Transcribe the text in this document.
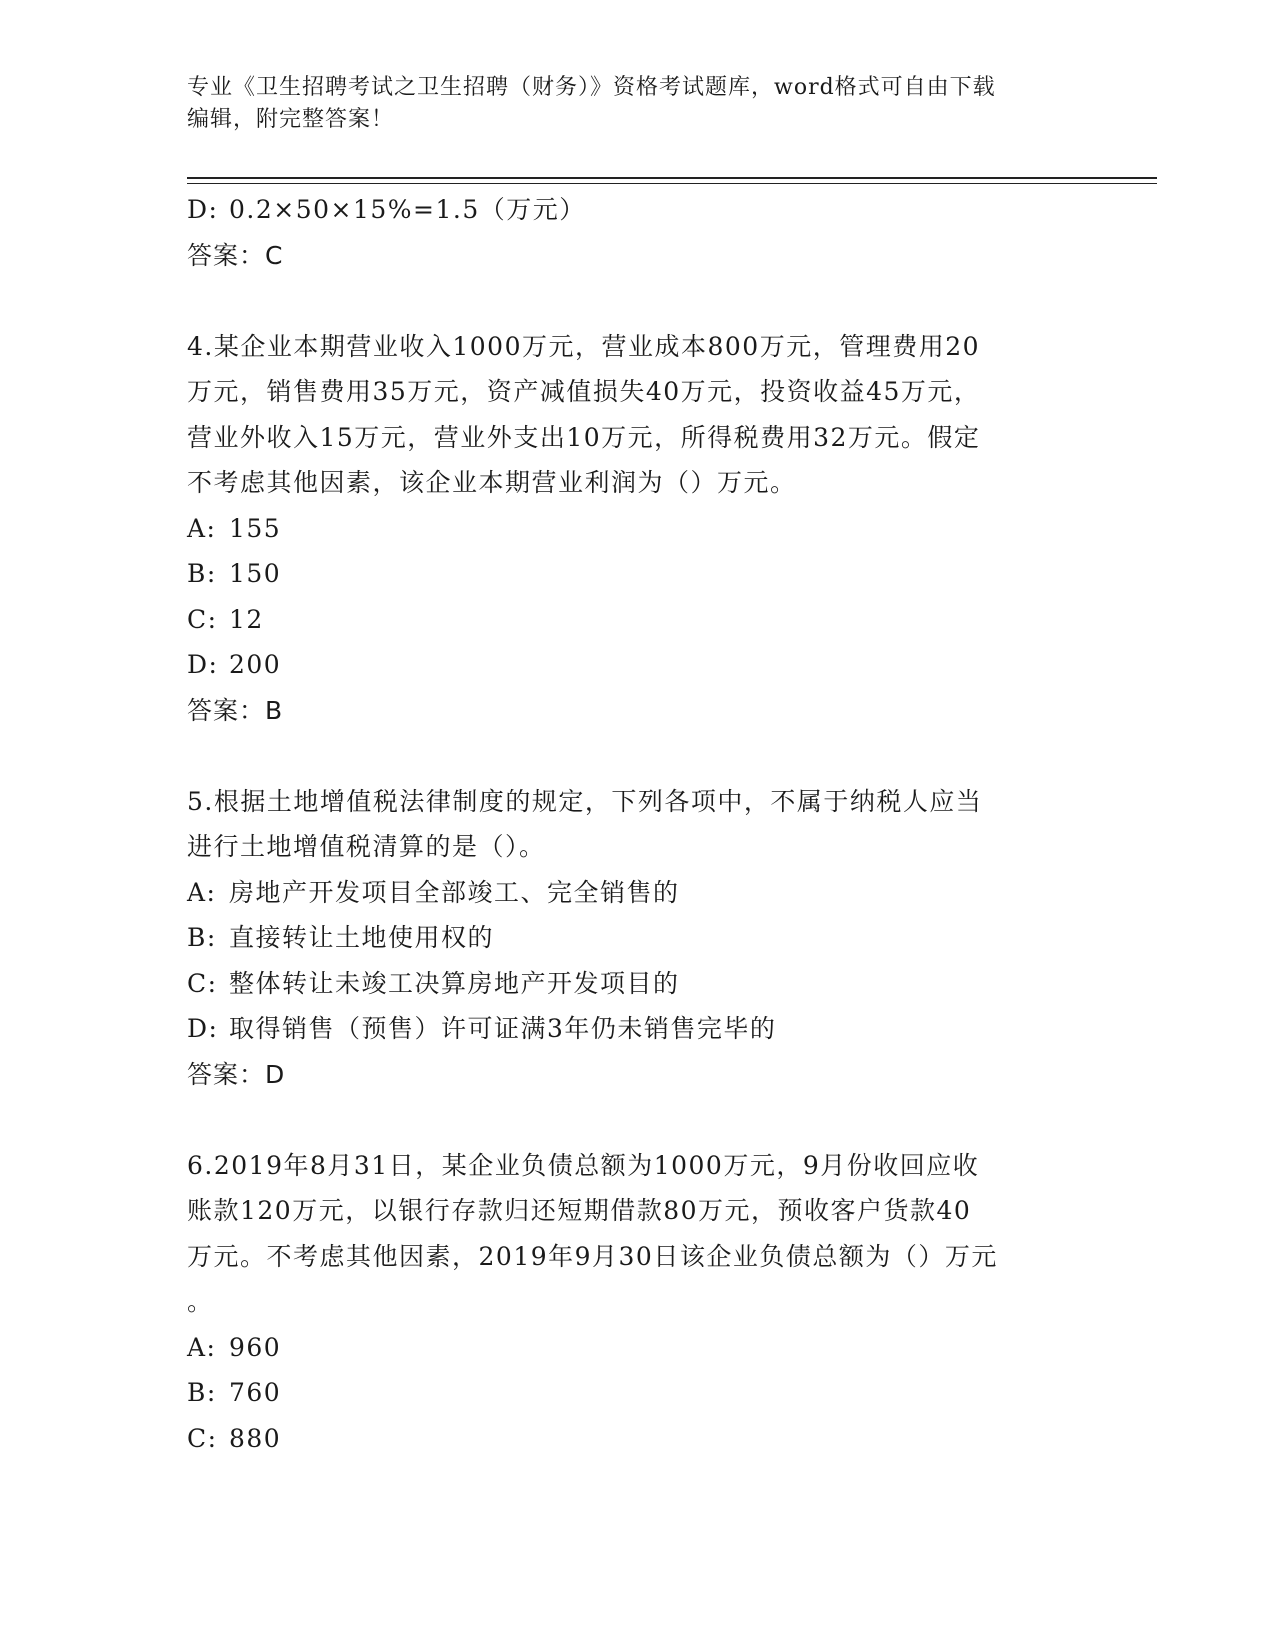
专业《卫生招聘考试之卫生招聘（财务）》资格考试题库，word格式可自由下载
编辑，附完整答案！
D: 0.2×50×15%=1.5（万元）
答案：C
4.某企业本期营业收入1000万元，营业成本800万元，管理费用20
万元，销售费用35万元，资产减值损失40万元，投资收益45万元，
营业外收入15万元，营业外支出10万元，所得税费用32万元。假定
不考虑其他因素，该企业本期营业利润为（）万元。
A: 155
B: 150
C: 12
D: 200
答案：B
5.根据土地增值税法律制度的规定，下列各项中，不属于纳税人应当
进行土地增值税清算的是（）。
A: 房地产开发项目全部竣工、完全销售的
B: 直接转让土地使用权的
C: 整体转让未竣工决算房地产开发项目的
D: 取得销售（预售）许可证满3年仍未销售完毕的
答案：D
6.2019年8月31日，某企业负债总额为1000万元，9月份收回应收
账款120万元，以银行存款归还短期借款80万元，预收客户货款40
万元。不考虑其他因素，2019年9月30日该企业负债总额为（）万元
。
A: 960
B: 760
C: 880
